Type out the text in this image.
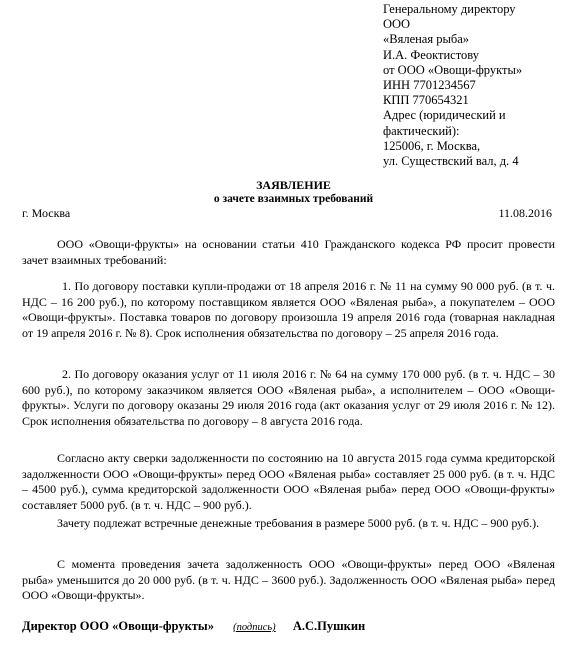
Генеральному директору
ООО
«Вяленая рыба»
И.А. Феоктистову
от ООО «Овощи-фрукты»
ИНН 7701234567
КПП 770654321
Адрес (юридический и фактический):
125006, г. Москва,
ул. Существский вал, д. 4
ЗАЯВЛЕНИЕ
о зачете взаимных требований
г. Москва	11.08.2016
ООО «Овощи-фрукты» на основании статьи 410 Гражданского кодекса РФ просит провести зачет взаимных требований:
1. По договору поставки купли-продажи от 18 апреля 2016 г. № 11 на сумму 90 000 руб. (в т. ч. НДС – 16 200 руб.), по которому поставщиком является ООО «Вяленая рыба», а покупателем – ООО «Овощи-фрукты». Поставка товаров по договору произошла 19 апреля 2016 года (товарная накладная от 19 апреля 2016 г. № 8). Срок исполнения обязательства по договору – 25 апреля 2016 года.
2. По договору оказания услуг от 11 июля 2016 г. № 64 на сумму 170 000 руб. (в т. ч. НДС – 30 600 руб.), по которому заказчиком является ООО «Вяленая рыба», а исполнителем – ООО «Овощи-фрукты». Услуги по договору оказаны 29 июля 2016 года (акт оказания услуг от 29 июля 2016 г. № 12). Срок исполнения обязательства по договору – 8 августа 2016 года.
Согласно акту сверки задолженности по состоянию на 10 августа 2015 года сумма кредиторской задолженности ООО «Овощи-фрукты» перед ООО «Вяленая рыба» составляет 25 000 руб. (в т. ч. НДС – 4500 руб.), сумма кредиторской задолженности ООО «Вяленая рыба» перед ООО «Овощи-фрукты» составляет 5000 руб. (в т. ч. НДС – 900 руб.).
Зачету подлежат встречные денежные требования в размере 5000 руб. (в т. ч. НДС – 900 руб.).
С момента проведения зачета задолженность ООО «Овощи-фрукты» перед ООО «Вяленая рыба» уменьшится до 20 000 руб. (в т. ч. НДС – 3600 руб.). Задолженность ООО «Вяленая рыба» перед ООО «Овощи-фрукты».
Директор ООО «Овощи-фрукты» (подпись) А.С.Пушкин
